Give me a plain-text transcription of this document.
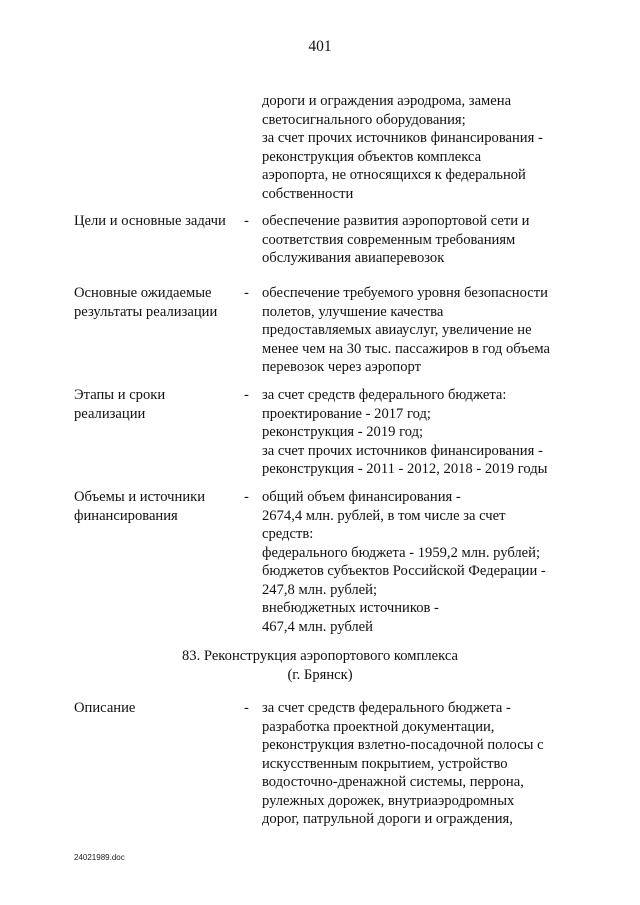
401
дороги и ограждения аэродрома, замена
светосигнального оборудования;
за счет прочих источников финансирования -
реконструкция объектов комплекса
аэропорта, не относящихся к федеральной
собственности
Цели и основные задачи - обеспечение развития аэропортовой сети и
соответствия современным требованиям
обслуживания авиаперевозок
Основные ожидаемые
результаты реализации
- обеспечение требуемого уровня безопасности
полетов, улучшение качества
предоставляемых авиауслуг, увеличение не
менее чем на 30 тыс. пассажиров в год объема
перевозок через аэропорт
Этапы и сроки
реализации
- за счет средств федерального бюджета:
проектирование - 2017 год;
реконструкция - 2019 год;
за счет прочих источников финансирования -
реконструкция - 2011 - 2012, 2018 - 2019 годы
Объемы и источники
финансирования
- общий объем финансирования -
2674,4 млн. рублей, в том числе за счет
средств:
федерального бюджета - 1959,2 млн. рублей;
бюджетов субъектов Российской Федерации -
247,8 млн. рублей;
внебюджетных источников -
467,4 млн. рублей
83. Реконструкция аэропортового комплекса
(г. Брянск)
Описание	- за счет средств федерального бюджета -
разработка проектной документации,
реконструкция взлетно-посадочной полосы с
искусственным покрытием, устройство
водосточно-дренажной системы, перрона,
рулежных дорожек, внутриаэродромных
дорог, патрульной дороги и ограждения,
24021989.doc
